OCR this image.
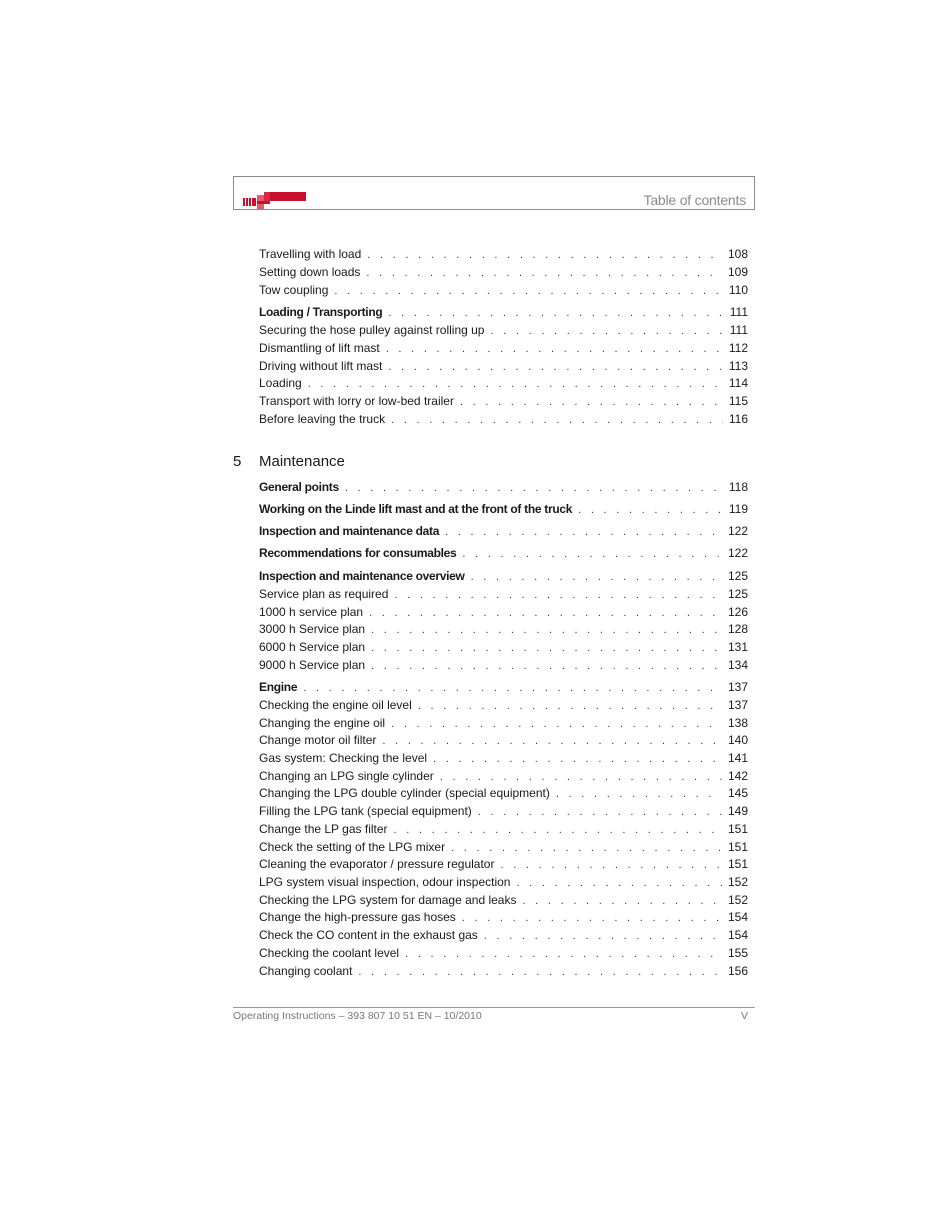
Table of contents
Travelling with load . . .	108
Setting down loads . . .	109
Tow coupling . . .	110
Loading / Transporting . . .	111
Securing the hose pulley against rolling up . . .	111
Dismantling of lift mast . . .	112
Driving without lift mast . . .	113
Loading . . .	114
Transport with lorry or low-bed trailer . . .	115
Before leaving the truck . . .	116
5 Maintenance
General points . . .	118
Working on the Linde lift mast and at the front of the truck . . .	119
Inspection and maintenance data . . .	122
Recommendations for consumables . . .	122
Inspection and maintenance overview . . .	125
Service plan as required . . .	125
1000 h service plan . . .	126
3000 h Service plan . . .	128
6000 h Service plan . . .	131
9000 h Service plan . . .	134
Engine . . .	137
Checking the engine oil level . . .	137
Changing the engine oil . . .	138
Change motor oil filter . . .	140
Gas system: Checking the level . . .	141
Changing an LPG single cylinder . . .	142
Changing the LPG double cylinder (special equipment) . . .	145
Filling the LPG tank (special equipment) . . .	149
Change the LP gas filter . . .	151
Check the setting of the LPG mixer . . .	151
Cleaning the evaporator / pressure regulator . . .	151
LPG system visual inspection, odour inspection . . .	152
Checking the LPG system for damage and leaks . . .	152
Change the high-pressure gas hoses . . .	154
Check the CO content in the exhaust gas . . .	154
Checking the coolant level . . .	155
Changing coolant . . .	156
Operating Instructions – 393 807 10 51 EN – 10/2010	V
